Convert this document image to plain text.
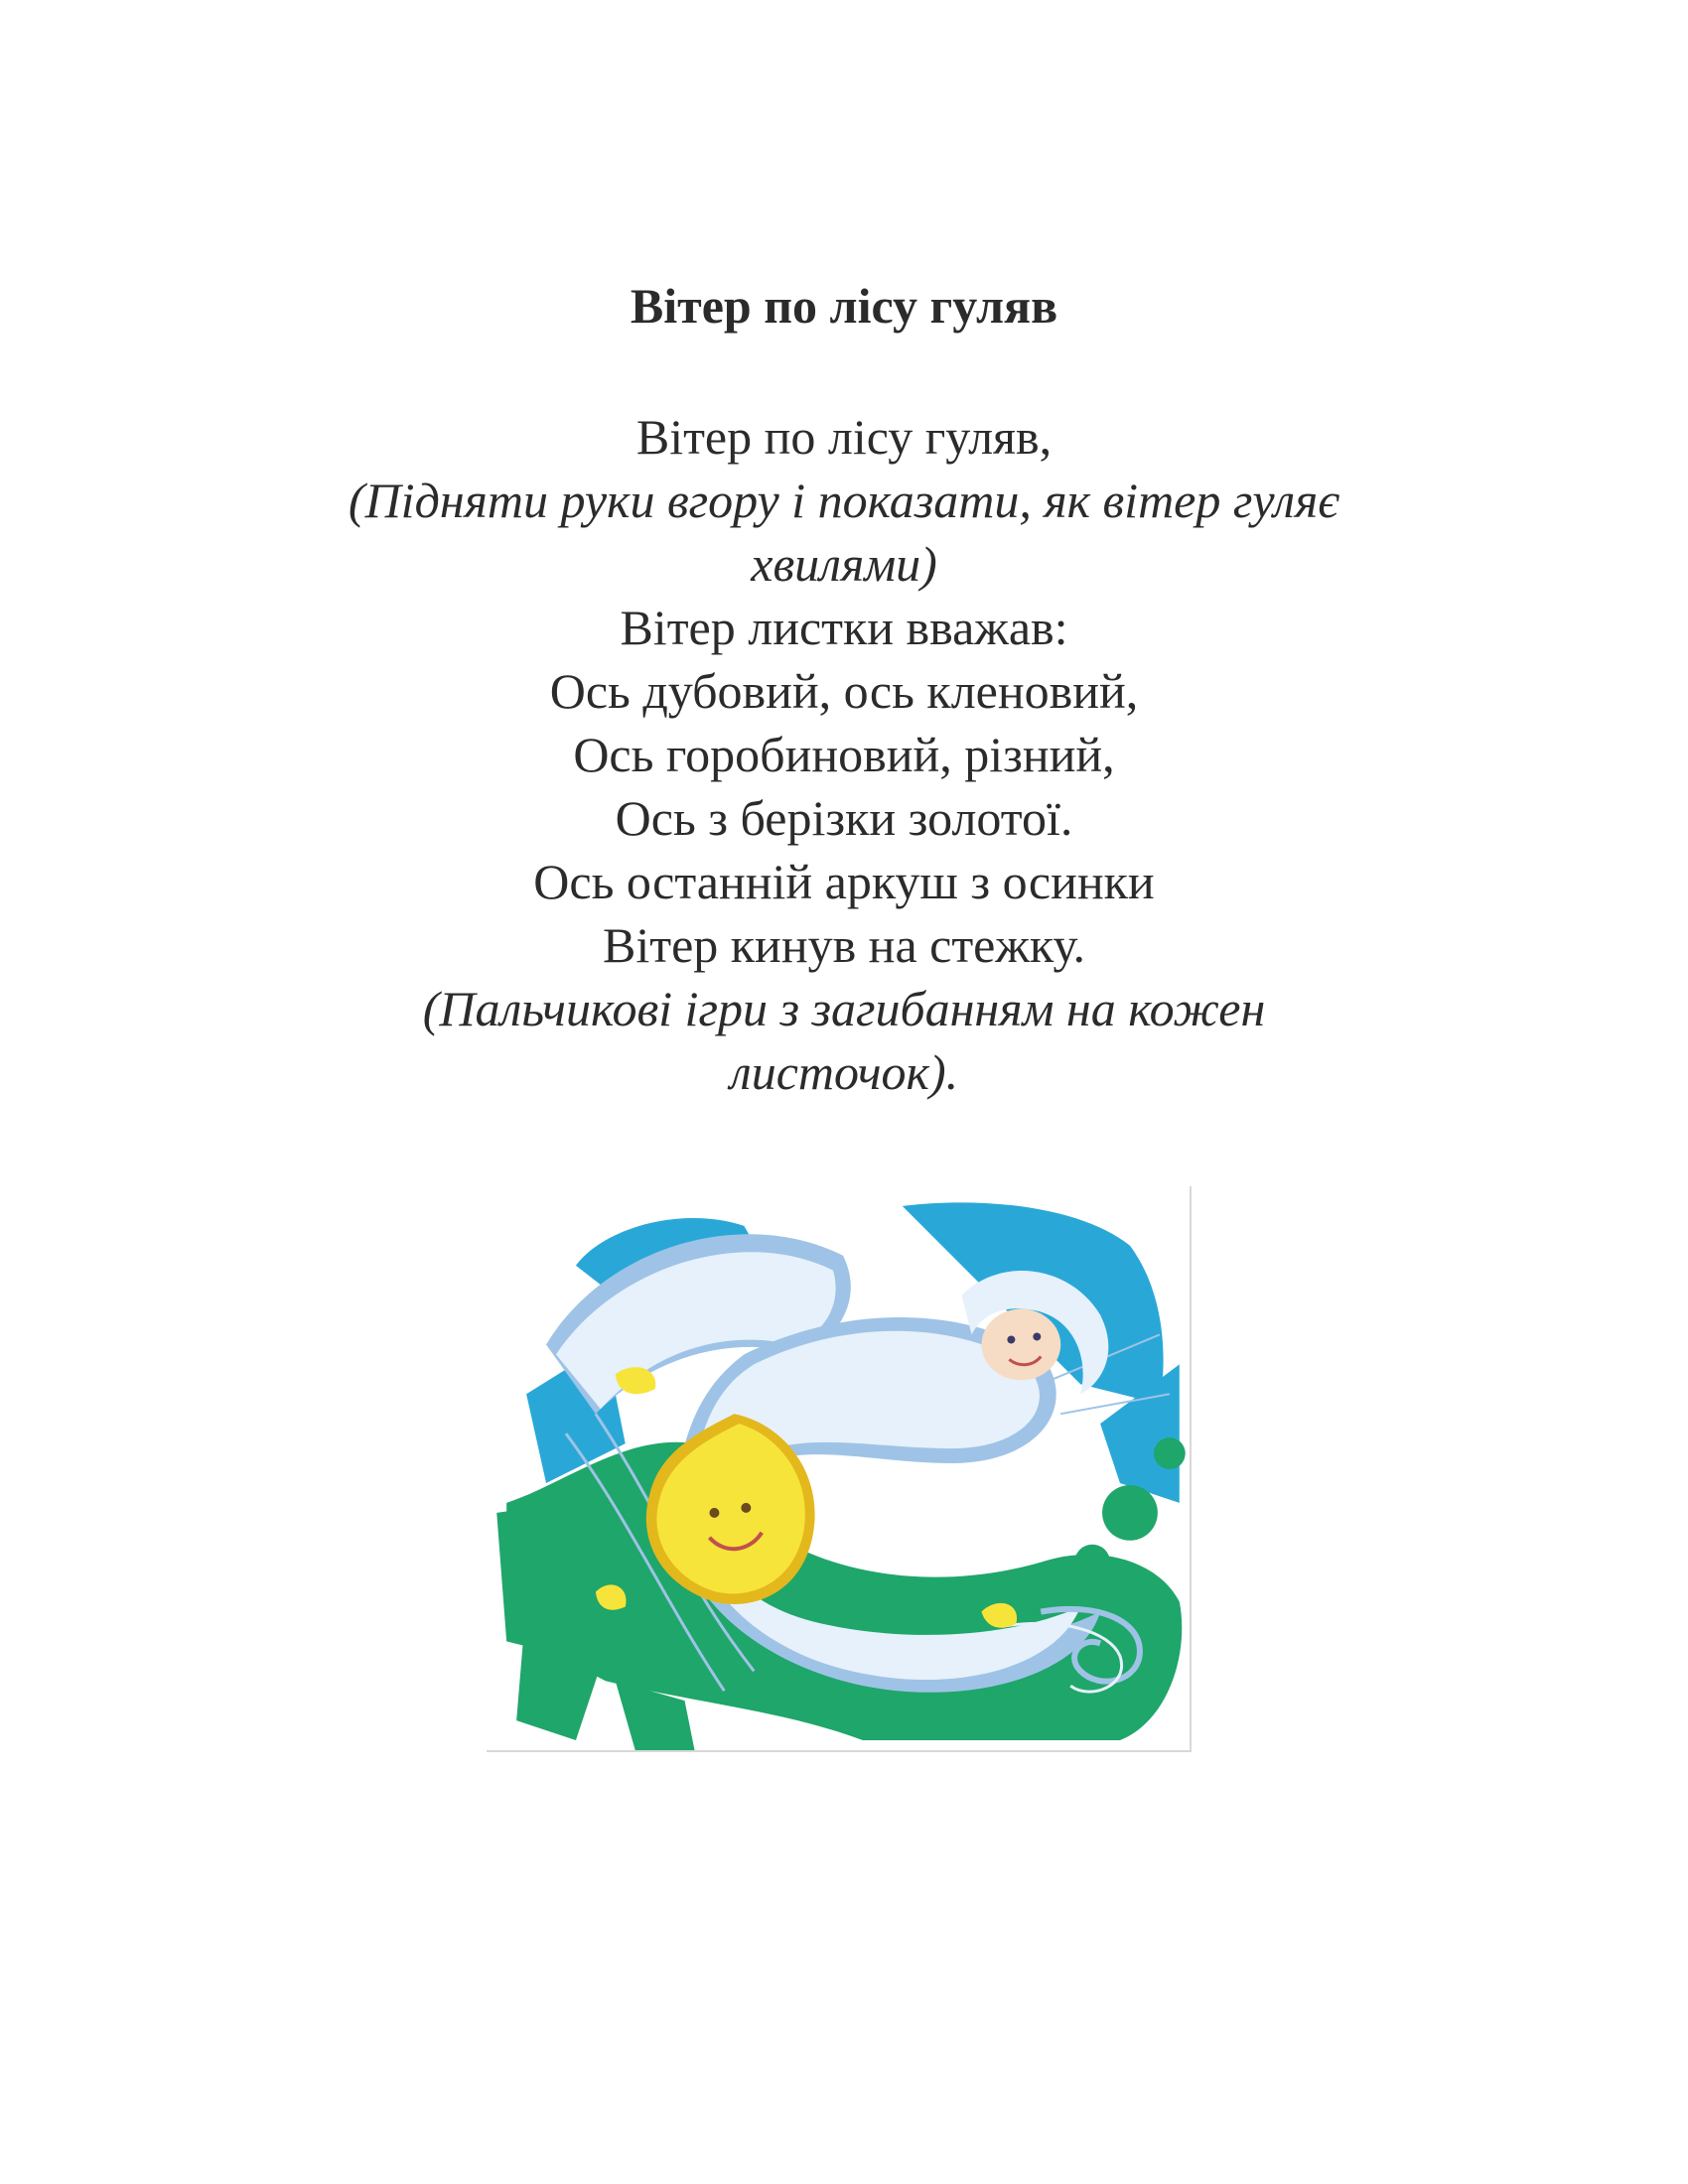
Вітер по лісу гуляв
Вітер по лісу гуляв,
(Підняти руки вгору і показати, як вітер гуляє
хвилями)
Вітер листки вважав:
Ось дубовий, ось кленовий,
Ось горобиновий, різний,
Ось з берізки золотої.
Ось останній аркуш з осинки
Вітер кинув на стежку.
(Пальчикові ігри з загибанням на кожен
листочок).
